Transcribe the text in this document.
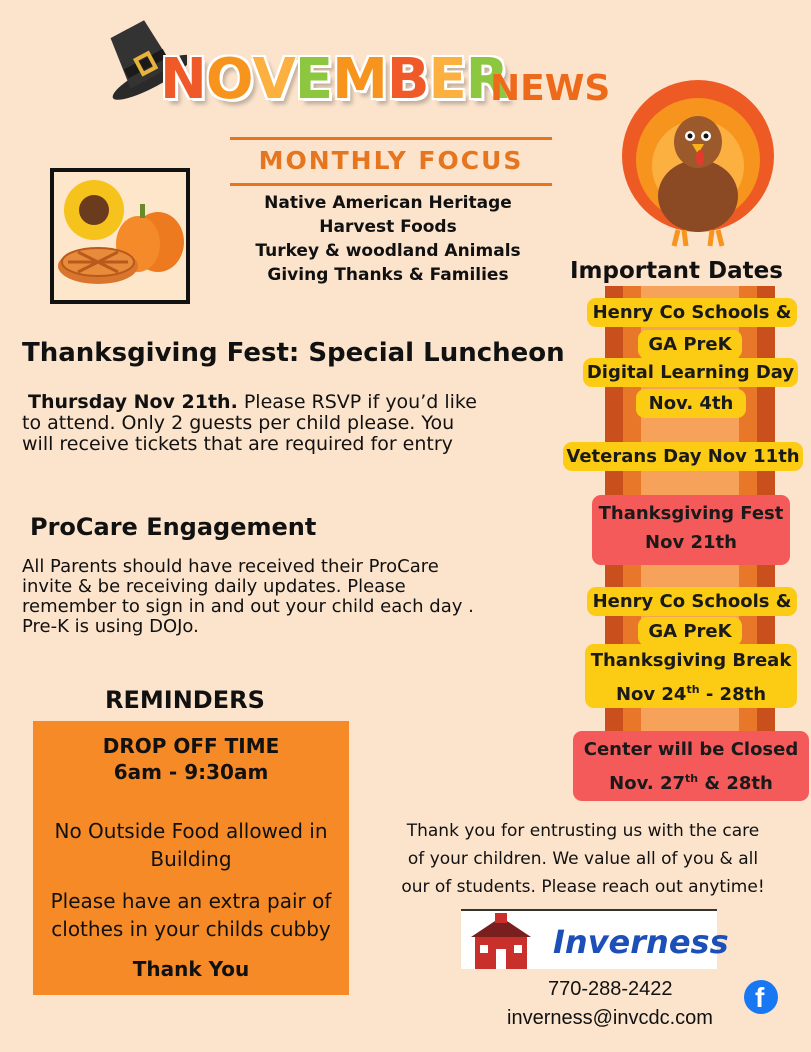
NOVEMBER
NEWS
MONTHLY FOCUS
Native American Heritage
Harvest Foods
Turkey & woodland Animals
Giving Thanks & Families
Thanksgiving Fest: Special Luncheon
Thursday Nov 21th. Please RSVP if you’d like
to attend. Only 2 guests per child please. You
will receive tickets that are required for entry
ProCare Engagement
All Parents should have received their ProCare
invite & be receiving daily updates. Please
remember to sign in and out your child each day .
Pre-K is using DOJo.
REMINDERS
DROP OFF TIME
6am - 9:30am
No Outside Food allowed in
Building
Please have an extra pair of
clothes in your childs cubby
Thank You
Important Dates
Henry Co Schools &
GA PreK
Digital Learning Day
Nov. 4th
Veterans Day Nov 11th
Thanksgiving Fest
Nov 21th
Henry Co Schools &
GA PreK
Thanksgiving Break
Nov 24th - 28th
Center will be Closed
Nov. 27th & 28th
Thank you for entrusting us with the care
of your children. We value all of you & all
our of students. Please reach out anytime!
Inverness
770-288-2422
inverness@invcdc.com
f
